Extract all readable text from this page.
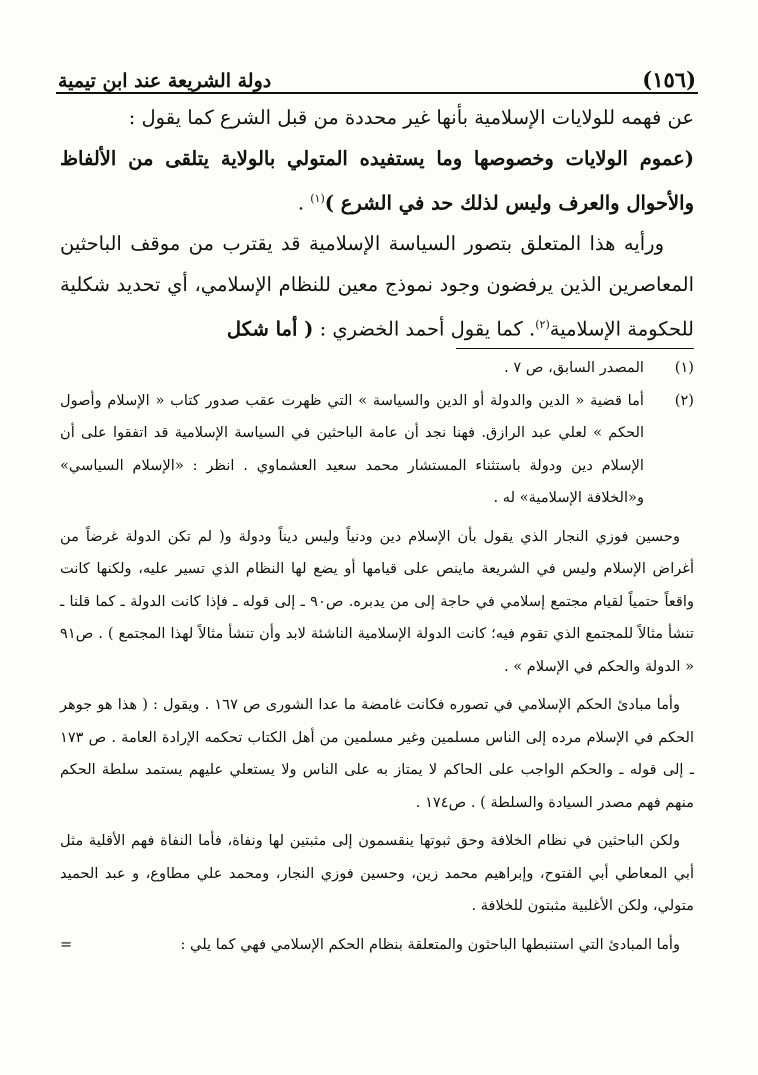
دولة الشريعة عند ابن تيمية	(١٥٦)

عن فهمه للولايات الإسلامية بأنها غير محددة من قبل الشرع كما يقول :

(عموم الولايات وخصوصها وما يستفيده المتولي بالولاية يتلقى من الألفاظ والأحوال والعرف وليس لذلك حد في الشرع )$^{(١)}$ .

ورأيه هذا المتعلق بتصور السياسة الإسلامية قد يقترب من موقف الباحثين المعاصرين الذين يرفضون وجود نموذج معين للنظام الإسلامي، أي تحديد شكلية للحكومة الإسلامية$^{(٢)}$. كما يقول أحمد الخضري : ( أما شكل

(١)
المصدر السابق، ص ٧ .
(٢)
أما قضية « الدين والدولة أو الدين والسياسة » التي ظهرت عقب صدور كتاب « الإسلام وأصول الحكم » لعلي عبد الرازق. فهنا نجد أن عامة الباحثين في السياسة الإسلامية قد اتفقوا على أن الإسلام دين ودولة باستثناء المستشار محمد سعيد العشماوي . انظر : «الإسلام السياسي» و«الخلافة الإسلامية» له .

وحسين فوزي النجار الذي يقول بأن الإسلام دين ودنياً وليس ديناً ودولة و( لم تكن الدولة غرضاً من أغراض الإسلام وليس في الشريعة ماينص على قيامها أو يضع لها النظام الذي تسير عليه، ولكنها كانت واقعاً حتمياً لقيام مجتمع إسلامي في حاجة إلى من يدبره. ص٩٠ ـ إلى قوله ـ فإذا كانت الدولة ـ كما قلنا ـ تنشأ مثالاً للمجتمع الذي تقوم فيه؛ كانت الدولة الإسلامية الناشئة لابد وأن تنشأ مثالاً لهذا المجتمع ) . ص٩١ « الدولة والحكم في الإسلام » .

وأما مبادئ الحكم الإسلامي في تصوره فكانت غامضة ما عدا الشورى ص ١٦٧ . ويقول : ( هذا هو جوهر الحكم في الإسلام مرده إلى الناس مسلمين وغير مسلمين من أهل الكتاب تحكمه الإرادة العامة . ص ١٧٣ ـ إلى قوله ـ والحكم الواجب على الحاكم لا يمتاز به على الناس ولا يستعلي عليهم يستمد سلطة الحكم منهم فهم مصدر السيادة والسلطة ) . ص١٧٤ .

ولكن الباحثين في نظام الخلافة وحق ثبوتها ينقسمون إلى مثبتين لها ونفاة، فأما النفاة فهم الأقلية مثل أبي المعاطي أبي الفتوح، وإبراهيم محمد زين، وحسين فوزي النجار، ومحمد علي مطاوع، و عبد الحميد متولي، ولكن الأغلبية مثبتون للخلافة .

وأما المبادئ التي استنبطها الباحثون والمتعلقة بنظام الحكم الإسلامي فهي كما يلي :
=
